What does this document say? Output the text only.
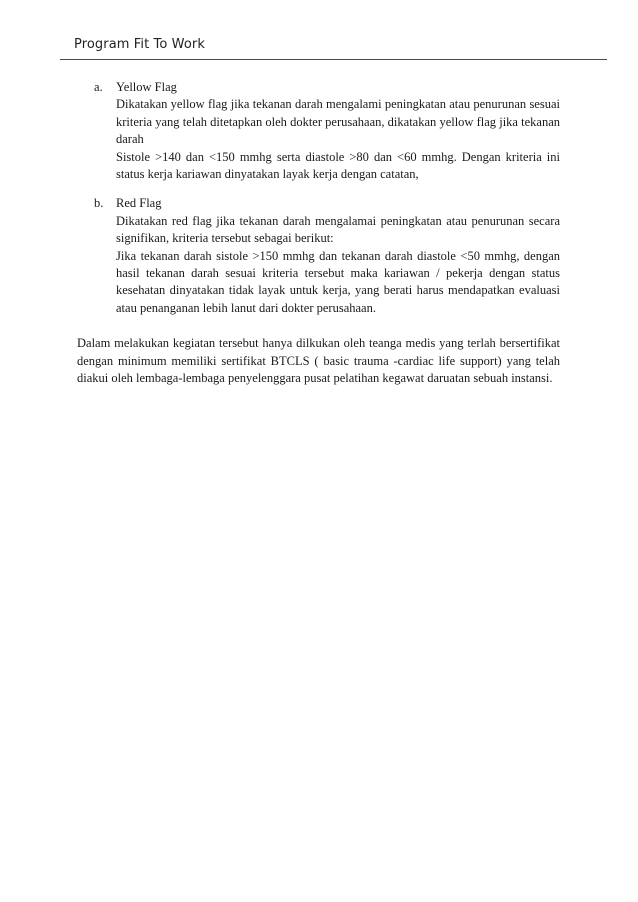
Program Fit To Work
a. Yellow Flag
Dikatakan yellow flag jika tekanan darah mengalami peningkatan atau penurunan sesuai kriteria yang telah ditetapkan oleh dokter perusahaan, dikatakan yellow flag jika tekanan darah
Sistole >140 dan <150 mmhg serta diastole >80 dan <60 mmhg. Dengan kriteria ini status kerja kariawan dinyatakan layak kerja dengan catatan,
b. Red Flag
Dikatakan red flag jika tekanan darah mengalamai peningkatan atau penurunan secara signifikan, kriteria tersebut sebagai berikut:
Jika tekanan darah sistole >150 mmhg dan tekanan darah diastole <50 mmhg, dengan hasil tekanan darah sesuai kriteria tersebut maka kariawan / pekerja dengan status kesehatan dinyatakan tidak layak untuk kerja, yang berati harus mendapatkan evaluasi atau penanganan lebih lanut dari dokter perusahaan.
Dalam melakukan kegiatan tersebut hanya dilkukan oleh teanga medis yang terlah bersertifikat dengan minimum memiliki sertifikat BTCLS ( basic trauma -cardiac life support) yang telah diakui oleh lembaga-lembaga penyelenggara pusat pelatihan kegawat daruatan sebuah instansi.
